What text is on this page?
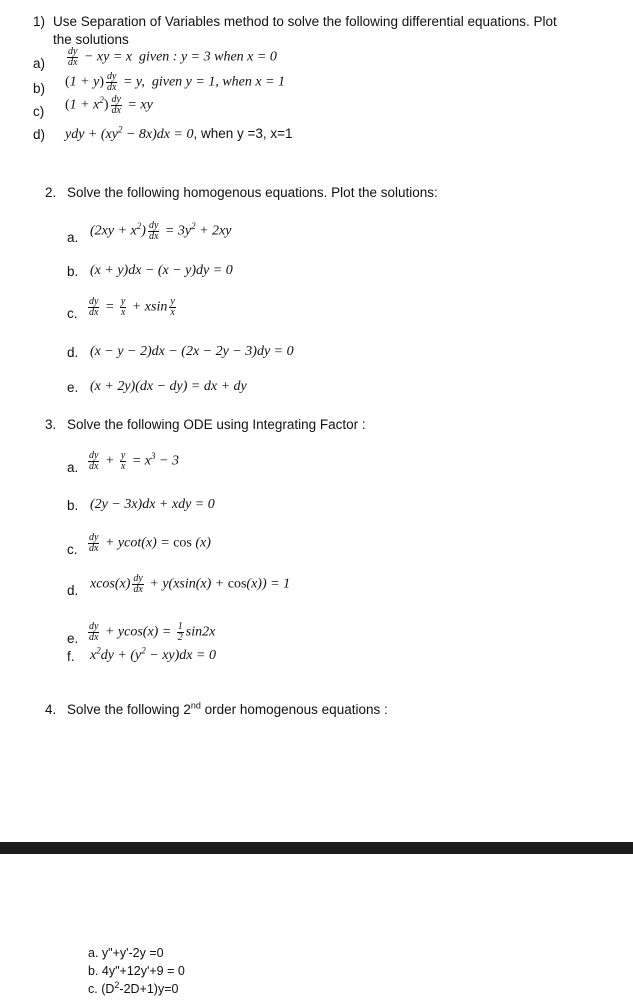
1) Use Separation of Variables method to solve the following differential equations. Plot
the solutions
$a) \frac{dy}{dx}$ − xy = x  given : y = 3 when x = 0
b) $(1 + y) \frac{dy}{dx} = y$,  given y = 1, when x = 1
c) $(1 + x^2) \frac{dy}{dx}$ = xy
d) ydy + $(xy^2 - 8x)dx = 0$, when y =3, x=1
2. Solve the following homogenous equations. Plot the solutions:
a. $(2xy + x^2) \frac{dy}{dx} = 3y^2 + 2xy$
b. (x + y)dx − (x − y)dy = 0
c. $\frac{dy}{dx} = \frac{y}{x} + xsin \frac{y}{x}$
d. (x − y − 2)dx − (2x − 2y − 3)dy = 0
e. (x + 2y)(dx − dy) = dx + dy
3. Solve the following ODE using Integrating Factor :
a. $\frac{dy}{dx} + \frac{y}{x} = x^3 - 3$
b. (2y − 3x)dx + xdy = 0
c. $\frac{dy}{dx} + ycot(x) = \cos (x)$
d. $xcos(x) \frac{dy}{dx} + y(xsin(x) + \cos(x)) = 1$
e. $\frac{dy}{dx} + ycos(x) = \frac{1}{2} \sin 2x$
f. $x^2dy + (y^2 - xy)dx = 0$
4. Solve the following 2nd order homogenous equations :
a. y"+y'-2y =0
b. 4y"+12y'+9 = 0
c. $(D^2-2D+1)y=0$
